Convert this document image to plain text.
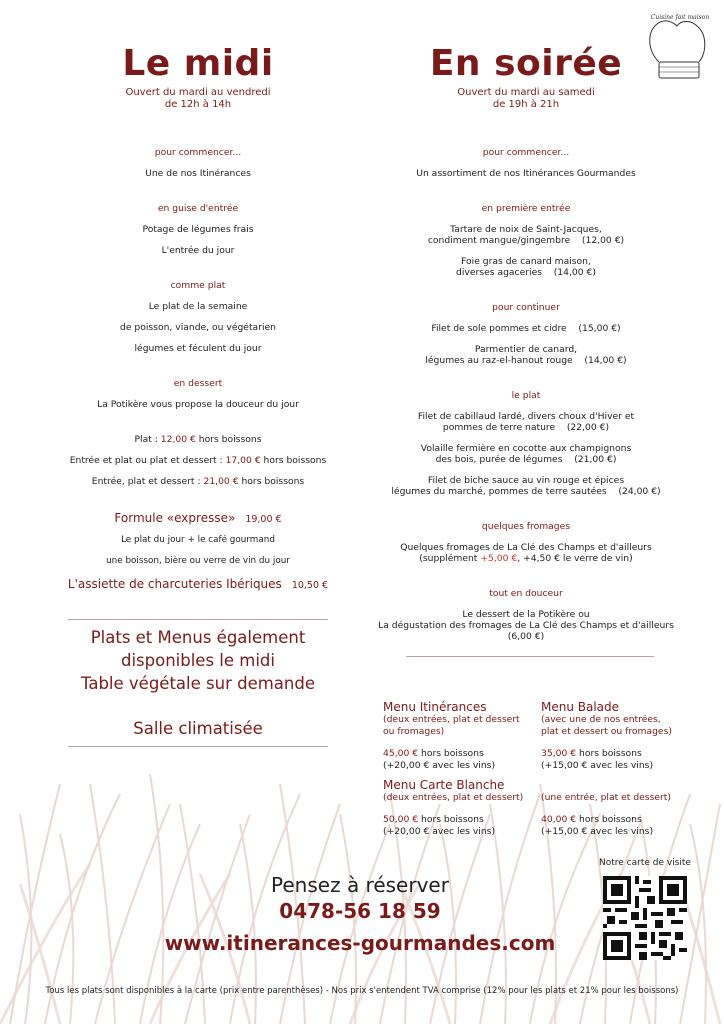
Cuisine fait maison
Le midi
Ouvert du mardi au vendredi
de 12h à 14h
pour commencer...
Une de nos Itinérances
en guise d'entrée
Potage de légumes frais
L'entrée du jour
comme plat
Le plat de la semaine
de poisson, viande, ou végétarien
légumes et féculent du jour
en dessert
La Potikère vous propose la douceur du jour
Plat : 12,00 € hors boissons
Entrée et plat ou plat et dessert : 17,00 € hors boissons
Entrée, plat et dessert : 21,00 € hors boissons
Formule «expresse» 19,00 €
Le plat du jour + le café gourmand
une boisson, bière ou verre de vin du jour
L'assiette de charcuteries Ibériques 10,50 €
Plats et Menus également
disponibles le midi
Table végétale sur demande
Salle climatisée
En soirée
Ouvert du mardi au samedi
de 19h à 21h
pour commencer...
Un assortiment de nos Itinérances Gourmandes
en première entrée
Tartare de noix de Saint-Jacques,
condiment mangue/gingembre (12,00 €)
Foie gras de canard maison,
diverses agaceries (14,00 €)
pour continuer
Filet de sole pommes et cidre (15,00 €)
Parmentier de canard,
légumes au raz-el-hanout rouge (14,00 €)
le plat
Filet de cabillaud lardé, divers choux d'Hiver et
pommes de terre nature (22,00 €)
Volaille fermière en cocotte aux champignons
des bois, purée de légumes (21,00 €)
Filet de biche sauce au vin rouge et épices
légumes du marché, pommes de terre sautées (24,00 €)
quelques fromages
Quelques fromages de La Clé des Champs et d'ailleurs
(supplément +5,00 €, +4,50 € le verre de vin)
tout en douceur
Le dessert de la Potikère ou
La dégustation des fromages de La Clé des Champs et d'ailleurs
(6,00 €)
Menu Itinérances
(deux entrées, plat et dessert
ou fromages)
45,00 € hors boissons
(+20,00 € avec les vins)
Menu Balade
(avec une de nos entrées,
plat et dessert ou fromages)
35,00 € hors boissons
(+15,00 € avec les vins)
Menu Carte Blanche
(deux entrées, plat et dessert)
50,00 € hors boissons
(+20,00 € avec les vins)
(une entrée, plat et dessert)
40,00 € hors boissons
(+15,00 € avec les vins)
Pensez à réserver
0478-56 18 59
www.itinerances-gourmandes.com
Notre carte de visite
Tous les plats sont disponibles à la carte (prix entre parenthèses) - Nos prix s'entendent TVA comprise (12% pour les plats et 21% pour les boissons)
